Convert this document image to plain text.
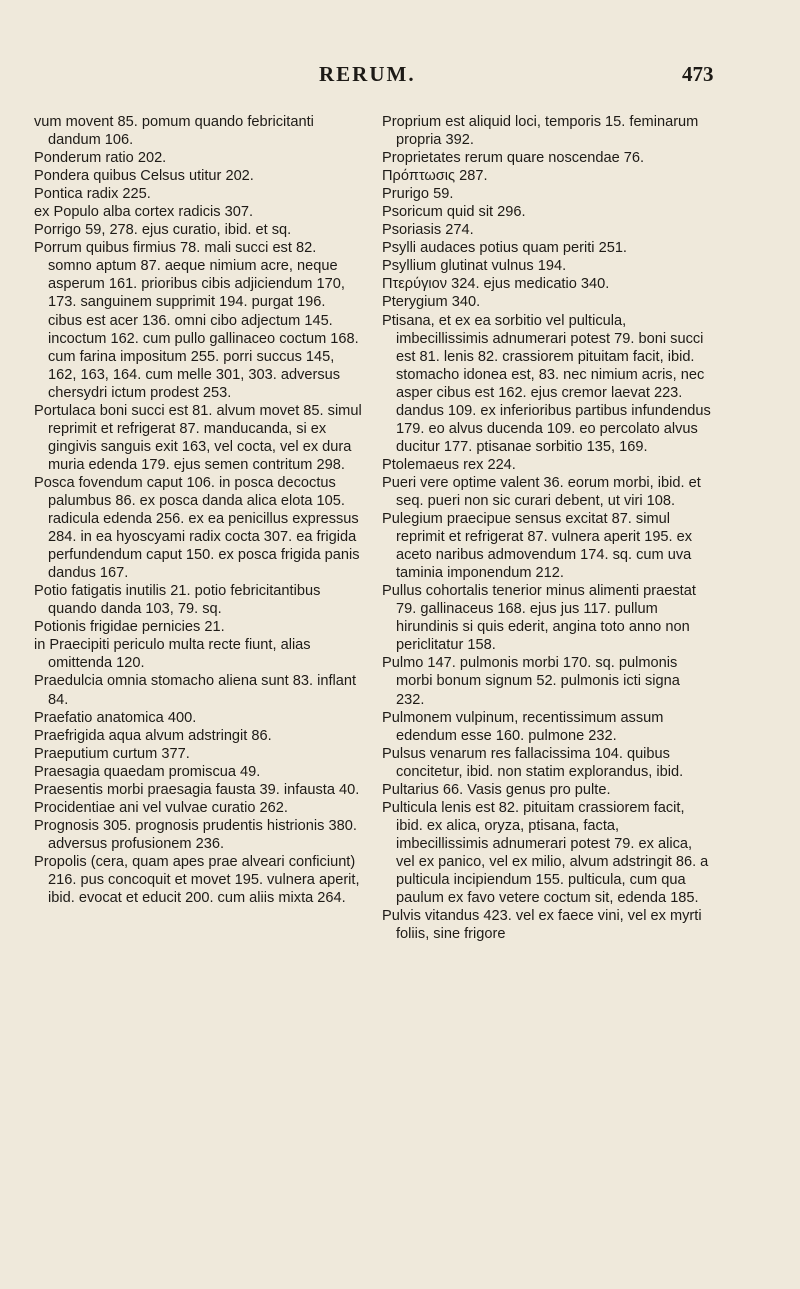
RERUM.	473

vum movent 85. pomum quando febricitanti dandum 106.

Ponderum ratio 202.

Pondera quibus Celsus utitur 202.

Pontica radix 225.

ex Populo alba cortex radicis 307.

Porrigo 59, 278. ejus curatio, ibid. et sq.

Porrum quibus firmius 78. mali succi est 82. somno aptum 87. aeque nimium acre, neque asperum 161. prioribus cibis adjiciendum 170, 173. sanguinem supprimit 194. purgat 196. cibus est acer 136. omni cibo adjectum 145. incoctum 162. cum pullo gallinaceo coctum 168. cum farina impositum 255. porri succus 145, 162, 163, 164. cum melle 301, 303. adversus chersydri ictum prodest 253.

Portulaca boni succi est 81. alvum movet 85. simul reprimit et refrigerat 87. manducanda, si ex gingivis sanguis exit 163, vel cocta, vel ex dura muria edenda 179. ejus semen contritum 298.

Posca fovendum caput 106. in posca decoctus palumbus 86. ex posca danda alica elota 105. radicula edenda 256. ex ea penicillus expressus 284. in ea hyoscyami radix cocta 307. ea frigida perfundendum caput 150. ex posca frigida panis dandus 167.

Potio fatigatis inutilis 21. potio febricitantibus quando danda 103, 79. sq.

Potionis frigidae pernicies 21.

in Praecipiti periculo multa recte fiunt, alias omittenda 120.

Praedulcia omnia stomacho aliena sunt 83. inflant 84.

Praefatio anatomica 400.

Praefrigida aqua alvum adstringit 86.

Praeputium curtum 377.

Praesagia quaedam promiscua 49.

Praesentis morbi praesagia fausta 39. infausta 40.

Procidentiae ani vel vulvae curatio 262.

Prognosis 305. prognosis prudentis histrionis 380. adversus profusionem 236.

Propolis (cera, quam apes prae alveari conficiunt) 216. pus concoquit et movet 195. vulnera aperit, ibid. evocat et educit 200. cum aliis mixta 264.

Proprium est aliquid loci, temporis 15. feminarum propria 392.

Proprietates rerum quare noscendae 76.

Πρόπτωσις 287.

Prurigo 59.

Psoricum quid sit 296.

Psoriasis 274.

Psylli audaces potius quam periti 251.

Psyllium glutinat vulnus 194.

Πτερύγιον 324. ejus medicatio 340.

Pterygium 340.

Ptisana, et ex ea sorbitio vel pulticula, imbecillissimis adnumerari potest 79. boni succi est 81. lenis 82. crassiorem pituitam facit, ibid. stomacho idonea est, 83. nec nimium acris, nec asper cibus est 162. ejus cremor laevat 223. dandus 109. ex inferioribus partibus infundendus 179. eo alvus ducenda 109. eo percolato alvus ducitur 177. ptisanae sorbitio 135, 169.

Ptolemaeus rex 224.

Pueri vere optime valent 36. eorum morbi, ibid. et seq. pueri non sic curari debent, ut viri 108.

Pulegium praecipue sensus excitat 87. simul reprimit et refrigerat 87. vulnera aperit 195. ex aceto naribus admovendum 174. sq. cum uva taminia imponendum 212.

Pullus cohortalis tenerior minus alimenti praestat 79. gallinaceus 168. ejus jus 117. pullum hirundinis si quis ederit, angina toto anno non periclitatur 158.

Pulmo 147. pulmonis morbi 170. sq. pulmonis morbi bonum signum 52. pulmonis icti signa 232.

Pulmonem vulpinum, recentissimum assum edendum esse 160. pulmone 232.

Pulsus venarum res fallacissima 104. quibus concitetur, ibid. non statim explorandus, ibid.

Pultarius 66. Vasis genus pro pulte.

Pulticula lenis est 82. pituitam crassiorem facit, ibid. ex alica, oryza, ptisana, facta, imbecillissimis adnumerari potest 79. ex alica, vel ex panico, vel ex milio, alvum adstringit 86. a pulticula incipiendum 155. pulticula, cum qua paulum ex favo vetere coctum sit, edenda 185.

Pulvis vitandus 423. vel ex faece vini, vel ex myrti foliis, sine frigore
